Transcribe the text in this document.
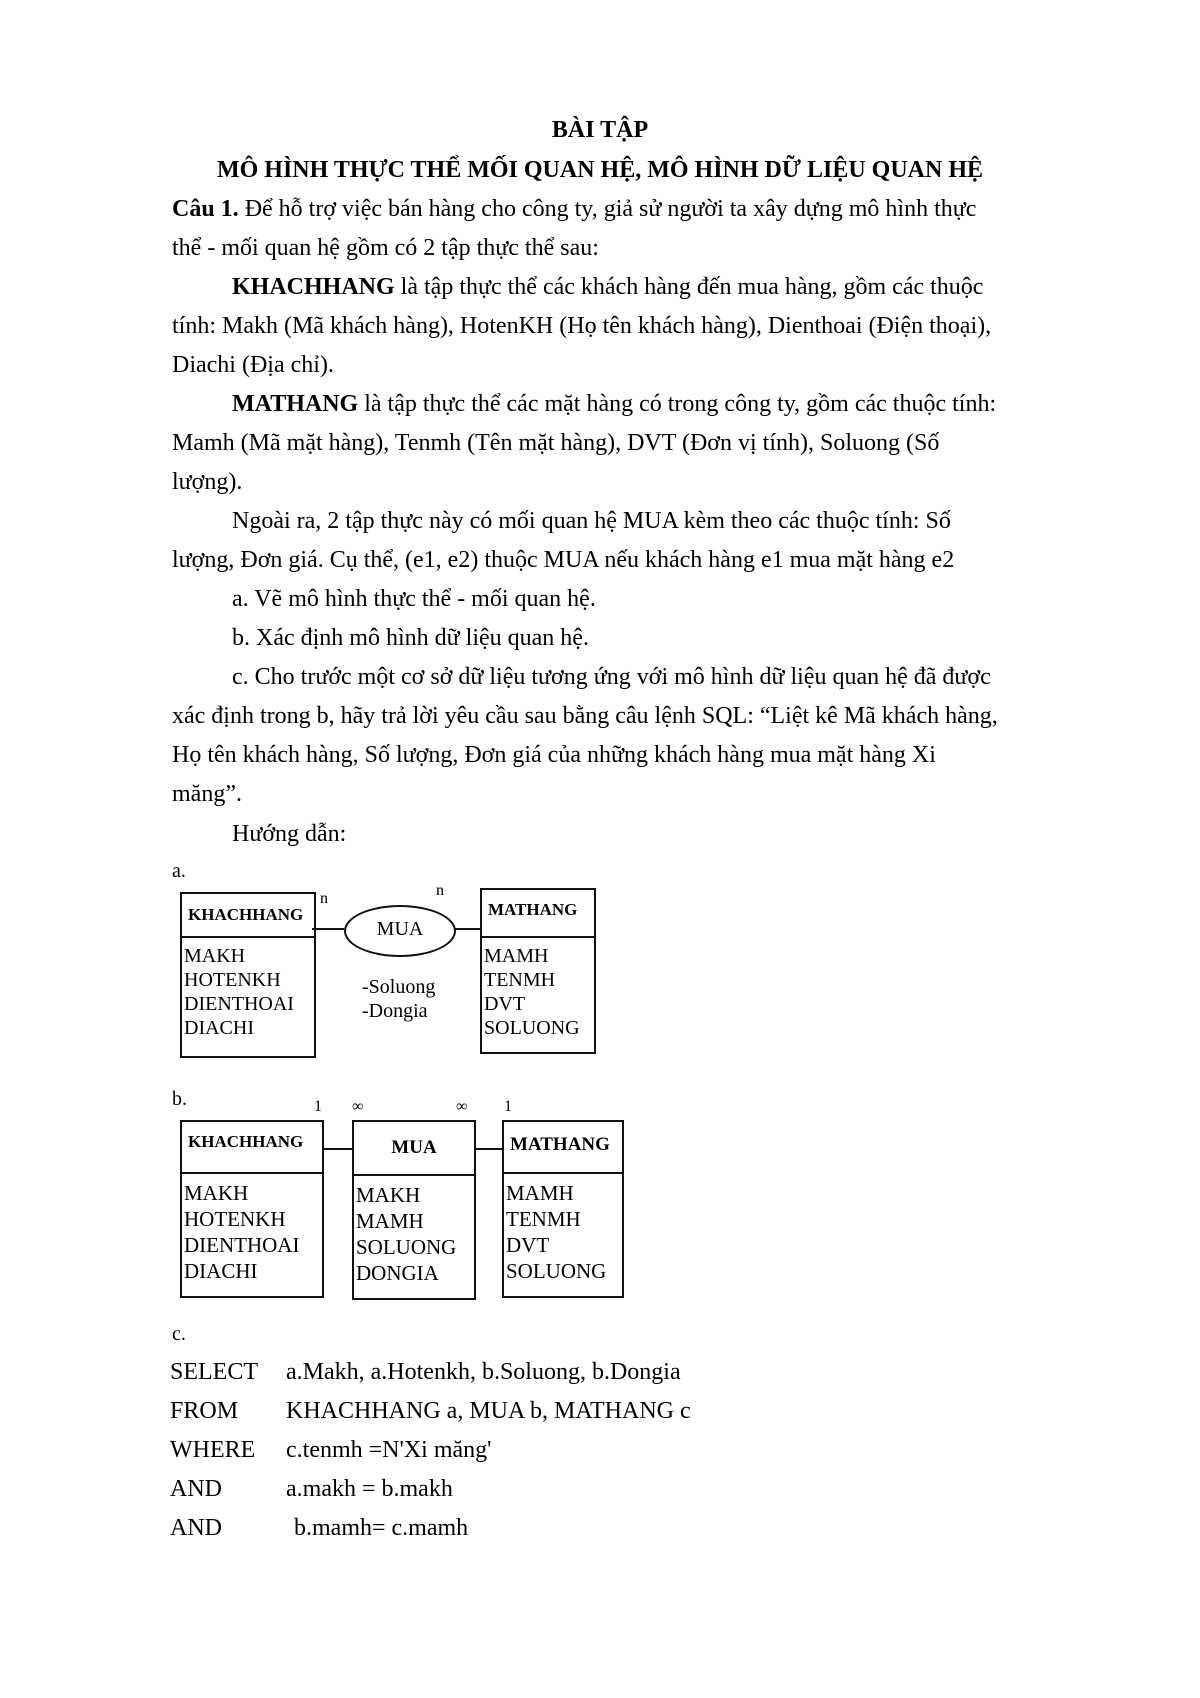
BÀI TẬP
MÔ HÌNH THỰC THỂ MỐI QUAN HỆ, MÔ HÌNH DỮ LIỆU QUAN HỆ
Câu 1. Để hỗ trợ việc bán hàng cho công ty, giả sử người ta xây dựng mô hình thực
thể - mối quan hệ gồm có 2 tập thực thể sau:
KHACHHANG là tập thực thể các khách hàng đến mua hàng, gồm các thuộc
tính: Makh (Mã khách hàng), HotenKH (Họ tên khách hàng), Dienthoai (Điện thoại),
Diachi (Địa chỉ).
MATHANG là tập thực thể các mặt hàng có trong công ty, gồm các thuộc tính:
Mamh (Mã mặt hàng), Tenmh (Tên mặt hàng), DVT (Đơn vị tính), Soluong (Số
lượng).
Ngoài ra, 2 tập thực này có mối quan hệ MUA kèm theo các thuộc tính: Số
lượng, Đơn giá. Cụ thể, (e1, e2) thuộc MUA nếu khách hàng e1 mua mặt hàng e2
a. Vẽ mô hình thực thể - mối quan hệ.
b. Xác định mô hình dữ liệu quan hệ.
c. Cho trước một cơ sở dữ liệu tương ứng với mô hình dữ liệu quan hệ đã được
xác định trong b, hãy trả lời yêu cầu sau bằng câu lệnh SQL: “Liệt kê Mã khách hàng,
Họ tên khách hàng, Số lượng, Đơn giá của những khách hàng mua mặt hàng Xi
măng”.
Hướng dẫn:
a.
KHACHHANG
MAKH
HOTENKH
DIENTHOAI
DIACHI
n
MUA
-Soluong
-Dongia
n
MATHANG
MAMH
TENMH
DVT
SOLUONG
b.	1 ∞	∞ 1
KHACHHANG
MAKH
HOTENKH
DIENTHOAI
DIACHI
MUA
MAKH
MAMH
SOLUONG
DONGIA
MATHANG
MAMH
TENMH
DVT
SOLUONG
c.
SELECT a.Makh, a.Hotenkh, b.Soluong, b.Dongia
FROM KHACHHANG a, MUA b, MATHANG c
WHERE c.tenmh =N'Xi măng'
AND	a.makh = b.makh
AND	b.mamh= c.mamh
